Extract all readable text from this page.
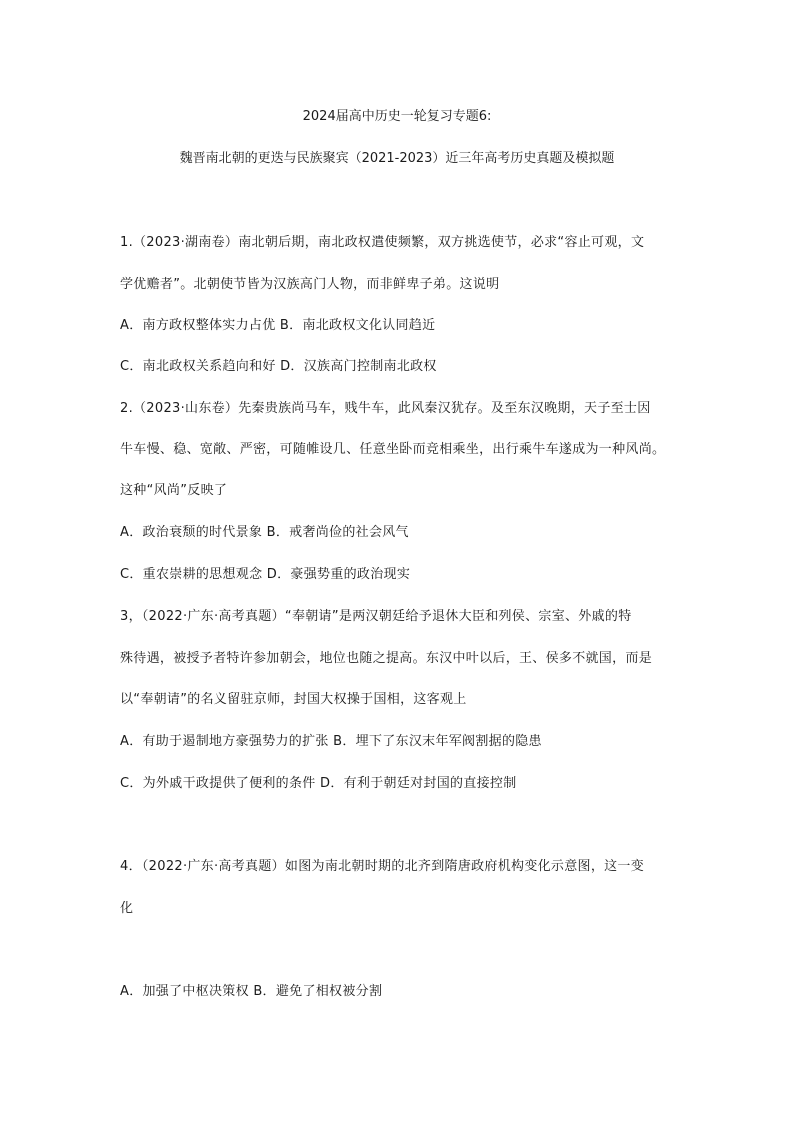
2024届高中历史一轮复习专题6:
魏晋南北朝的更迭与民族聚宾（2021-2023）近三年高考历史真题及模拟题
1.（2023·湖南卷）南北朝后期，南北政权遣使频繁，双方挑选使节，必求“容止可观，文
学优赡者”。北朝使节皆为汉族高门人物，而非鲜卑子弟。这说明
A．南方政权整体实力占优 B．南北政权文化认同趋近
C．南北政权关系趋向和好 D．汉族高门控制南北政权
2.（2023·山东卷）先秦贵族尚马车，贱牛车，此风秦汉犹存。及至东汉晚期，天子至士因
牛车慢、稳、宽敞、严密，可随帷设几、任意坐卧而竞相乘坐，出行乘牛车遂成为一种风尚。
这种“风尚”反映了
A．政治衰颓的时代景象 B．戒奢尚俭的社会风气
C．重农崇耕的思想观念 D．豪强势重的政治现实
3，（2022·广东·高考真题）“奉朝请”是两汉朝廷给予退休大臣和列侯、宗室、外戚的特
殊待遇，被授予者特许参加朝会，地位也随之提高。东汉中叶以后，王、侯多不就国，而是
以“奉朝请”的名义留驻京师，封国大权操于国相，这客观上
A．有助于遏制地方豪强势力的扩张 B．埋下了东汉末年军阀割据的隐患
C．为外戚干政提供了便利的条件 D．有利于朝廷对封国的直接控制
4．（2022·广东·高考真题）如图为南北朝时期的北齐到隋唐政府机构变化示意图，这一变
化
A．加强了中枢决策权 B．避免了相权被分割
